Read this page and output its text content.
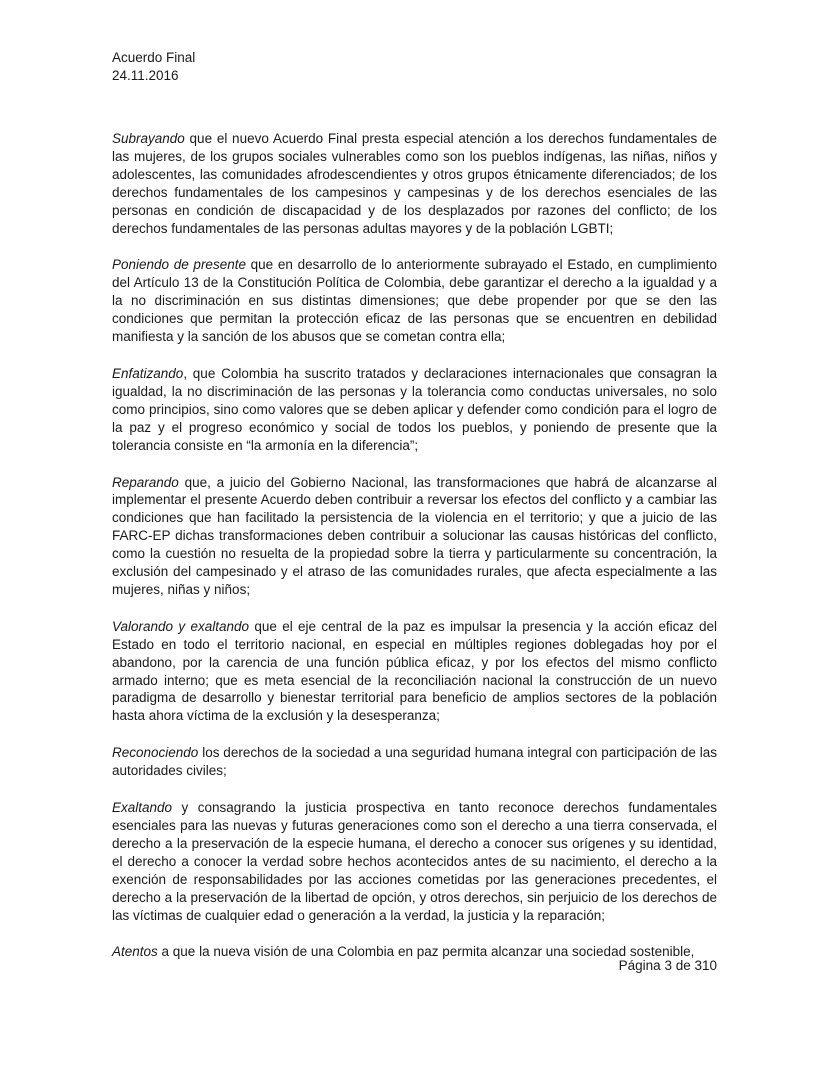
Acuerdo Final
24.11.2016

Subrayando que el nuevo Acuerdo Final presta especial atención a los derechos fundamentales de las mujeres, de los grupos sociales vulnerables como son los pueblos indígenas, las niñas, niños y adolescentes, las comunidades afrodescendientes y otros grupos étnicamente diferenciados; de los derechos fundamentales de los campesinos y campesinas y de los derechos esenciales de las personas en condición de discapacidad y de los desplazados por razones del conflicto; de los derechos fundamentales de las personas adultas mayores y de la población LGBTI;

Poniendo de presente que en desarrollo de lo anteriormente subrayado el Estado, en cumplimiento del Artículo 13 de la Constitución Política de Colombia, debe garantizar el derecho a la igualdad y a la no discriminación en sus distintas dimensiones; que debe propender por que se den las condiciones que permitan la protección eficaz de las personas que se encuentren en debilidad manifiesta y la sanción de los abusos que se cometan contra ella;

Enfatizando, que Colombia ha suscrito tratados y declaraciones internacionales que consagran la igualdad, la no discriminación de las personas y la tolerancia como conductas universales, no solo como principios, sino como valores que se deben aplicar y defender como condición para el logro de la paz y el progreso económico y social de todos los pueblos, y poniendo de presente que la tolerancia consiste en “la armonía en la diferencia”;

Reparando que, a juicio del Gobierno Nacional, las transformaciones que habrá de alcanzarse al implementar el presente Acuerdo deben contribuir a reversar los efectos del conflicto y a cambiar las condiciones que han facilitado la persistencia de la violencia en el territorio; y que a juicio de las FARC-EP dichas transformaciones deben contribuir a solucionar las causas históricas del conflicto, como la cuestión no resuelta de la propiedad sobre la tierra y particularmente su concentración, la exclusión del campesinado y el atraso de las comunidades rurales, que afecta especialmente a las mujeres, niñas y niños;

Valorando y exaltando que el eje central de la paz es impulsar la presencia y la acción eficaz del Estado en todo el territorio nacional, en especial en múltiples regiones doblegadas hoy por el abandono, por la carencia de una función pública eficaz, y por los efectos del mismo conflicto armado interno; que es meta esencial de la reconciliación nacional la construcción de un nuevo paradigma de desarrollo y bienestar territorial para beneficio de amplios sectores de la población hasta ahora víctima de la exclusión y la desesperanza;

Reconociendo los derechos de la sociedad a una seguridad humana integral con participación de las autoridades civiles;

Exaltando y consagrando la justicia prospectiva en tanto reconoce derechos fundamentales esenciales para las nuevas y futuras generaciones como son el derecho a una tierra conservada, el derecho a la preservación de la especie humana, el derecho a conocer sus orígenes y su identidad, el derecho a conocer la verdad sobre hechos acontecidos antes de su nacimiento, el derecho a la exención de responsabilidades por las acciones cometidas por las generaciones precedentes, el derecho a la preservación de la libertad de opción, y otros derechos, sin perjuicio de los derechos de las víctimas de cualquier edad o generación a la verdad, la justicia y la reparación;

Atentos a que la nueva visión de una Colombia en paz permita alcanzar una sociedad sostenible,

Página 3 de 310
